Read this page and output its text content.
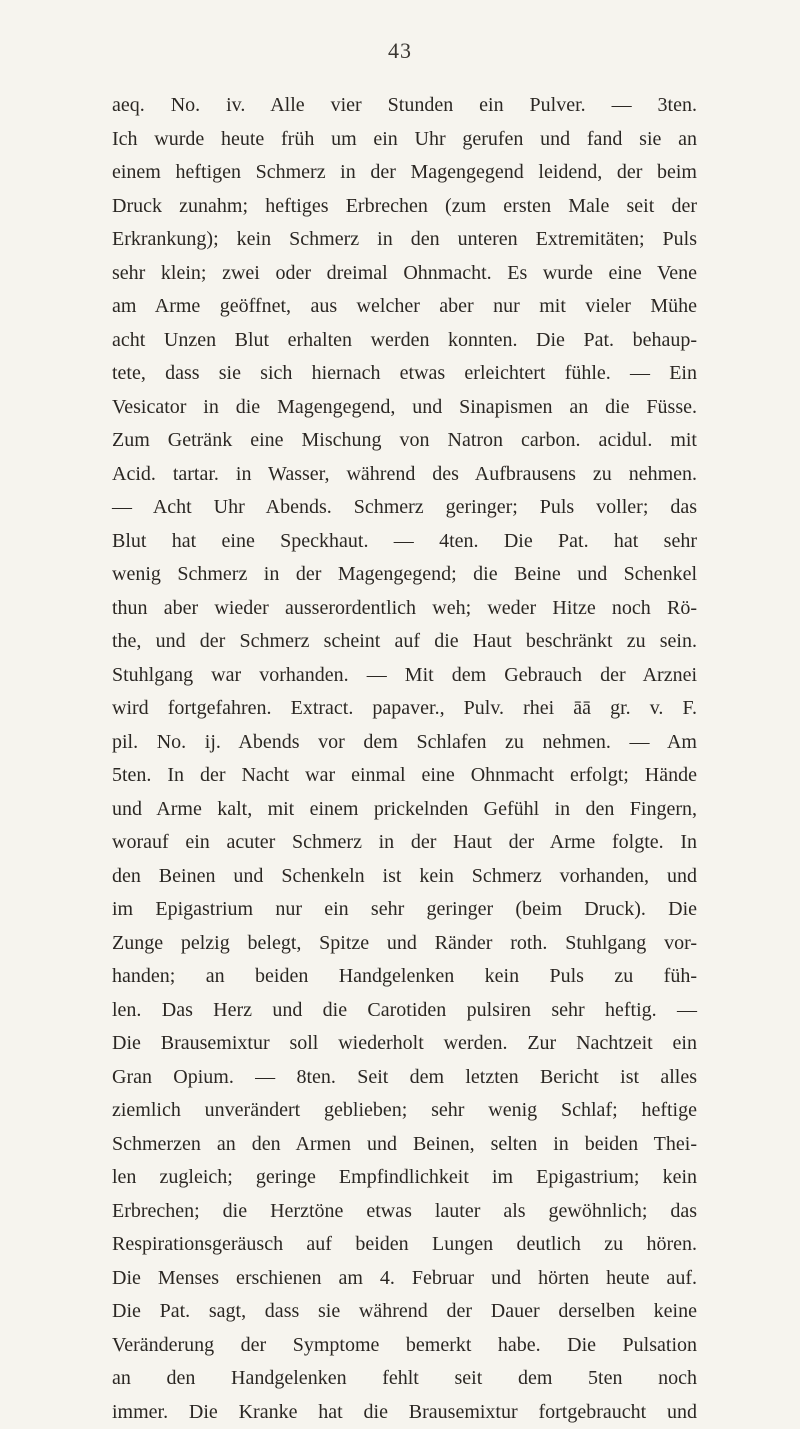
43
aeq. No. iv. Alle vier Stunden ein Pulver. — 3ten.
Ich wurde heute früh um ein Uhr gerufen und fand sie an
einem heftigen Schmerz in der Magengegend leidend, der beim
Druck zunahm; heftiges Erbrechen (zum ersten Male seit der
Erkrankung); kein Schmerz in den unteren Extremitäten; Puls
sehr klein; zwei oder dreimal Ohnmacht. Es wurde eine Vene
am Arme geöffnet, aus welcher aber nur mit vieler Mühe
acht Unzen Blut erhalten werden konnten. Die Pat. behaup-
tete, dass sie sich hiernach etwas erleichtert fühle. — Ein
Vesicator in die Magengegend, und Sinapismen an die Füsse.
Zum Getränk eine Mischung von Natron carbon. acidul. mit
Acid. tartar. in Wasser, während des Aufbrausens zu nehmen.
— Acht Uhr Abends. Schmerz geringer; Puls voller; das
Blut hat eine Speckhaut. — 4ten. Die Pat. hat sehr
wenig Schmerz in der Magengegend; die Beine und Schenkel
thun aber wieder ausserordentlich weh; weder Hitze noch Rö-
the, und der Schmerz scheint auf die Haut beschränkt zu sein.
Stuhlgang war vorhanden. — Mit dem Gebrauch der Arznei
wird fortgefahren. Extract. papaver., Pulv. rhei āā gr. v. F.
pil. No. ij. Abends vor dem Schlafen zu nehmen. — Am
5ten. In der Nacht war einmal eine Ohnmacht erfolgt; Hände
und Arme kalt, mit einem prickelnden Gefühl in den Fingern,
worauf ein acuter Schmerz in der Haut der Arme folgte. In
den Beinen und Schenkeln ist kein Schmerz vorhanden, und
im Epigastrium nur ein sehr geringer (beim Druck). Die
Zunge pelzig belegt, Spitze und Ränder roth. Stuhlgang vor-
handen; an beiden Handgelenken kein Puls zu füh-
len. Das Herz und die Carotiden pulsiren sehr heftig. —
Die Brausemixtur soll wiederholt werden. Zur Nachtzeit ein
Gran Opium. — 8ten. Seit dem letzten Bericht ist alles
ziemlich unverändert geblieben; sehr wenig Schlaf; heftige
Schmerzen an den Armen und Beinen, selten in beiden Thei-
len zugleich; geringe Empfindlichkeit im Epigastrium; kein
Erbrechen; die Herztöne etwas lauter als gewöhnlich; das
Respirationsgeräusch auf beiden Lungen deutlich zu hören.
Die Menses erschienen am 4. Februar und hörten heute auf.
Die Pat. sagt, dass sie während der Dauer derselben keine
Veränderung der Symptome bemerkt habe. Die Pulsation
an den Handgelenken fehlt seit dem 5ten noch
immer. Die Kranke hat die Brausemixtur fortgebraucht und
